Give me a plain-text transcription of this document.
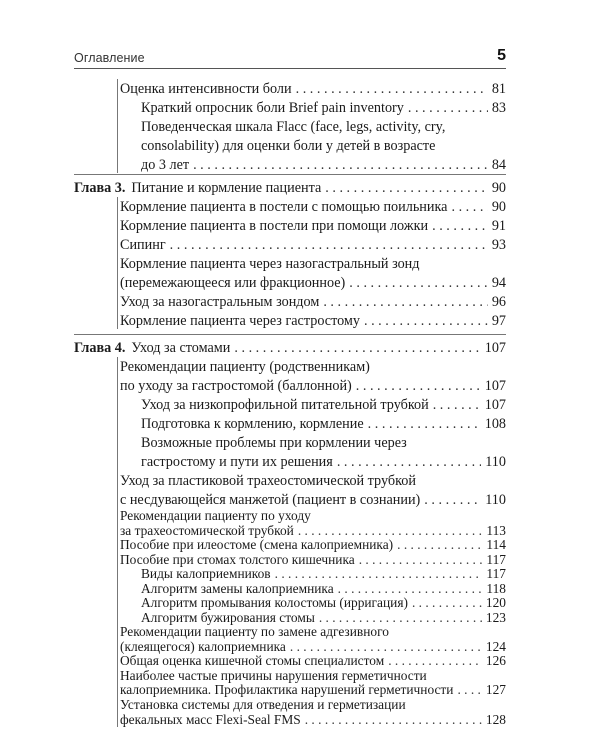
Оглавление	5
Оценка интенсивности боли . . .	81
Краткий опросник боли Brief pain inventory . . .	83
Поведенческая шкала Flacc (face, legs, activity, cry,
consolability) для оценки боли у детей в возрасте
до 3 лет . . .	84
Глава 3. Питание и кормление пациента . . .	90
Кормление пациента в постели с помощью поильника . . .	90
Кормление пациента в постели при помощи ложки . . .	91
Сипинг . . .	93
Кормление пациента через назогастральный зонд
(перемежающееся или фракционное) . . .	94
Уход за назогастральным зондом . . .	96
Кормление пациента через гастростому . . .	97
Глава 4. Уход за стомами . . .	107
Рекомендации пациенту (родственникам)
по уходу за гастростомой (баллонной) . . .	107
Уход за низкопрофильной питательной трубкой . . .	107
Подготовка к кормлению, кормление . . .	108
Возможные проблемы при кормлении через
гастростому и пути их решения . . .	110
Уход за пластиковой трахеостомической трубкой
с несдувающейся манжетой (пациент в сознании) . . .	110
Рекомендации пациенту по уходу
за трахеостомической трубкой . . .	113
Пособие при илеостоме (смена калоприемника) . . .	114
Пособие при стомах толстого кишечника . . .	117
Виды калоприемников . . .	117
Алгоритм замены калоприемника . . .	118
Алгоритм промывания колостомы (ирригация) . . .	120
Алгоритм бужирования стомы . . .	123
Рекомендации пациенту по замене адгезивного
(клеящегося) калоприемника . . .	124
Общая оценка кишечной стомы специалистом . . .	126
Наиболее частые причины нарушения герметичности
калоприемника. Профилактика нарушений герметичности . . . 127
Установка системы для отведения и герметизации
фекальных масс Flexi-Seal FMS . . .	128
